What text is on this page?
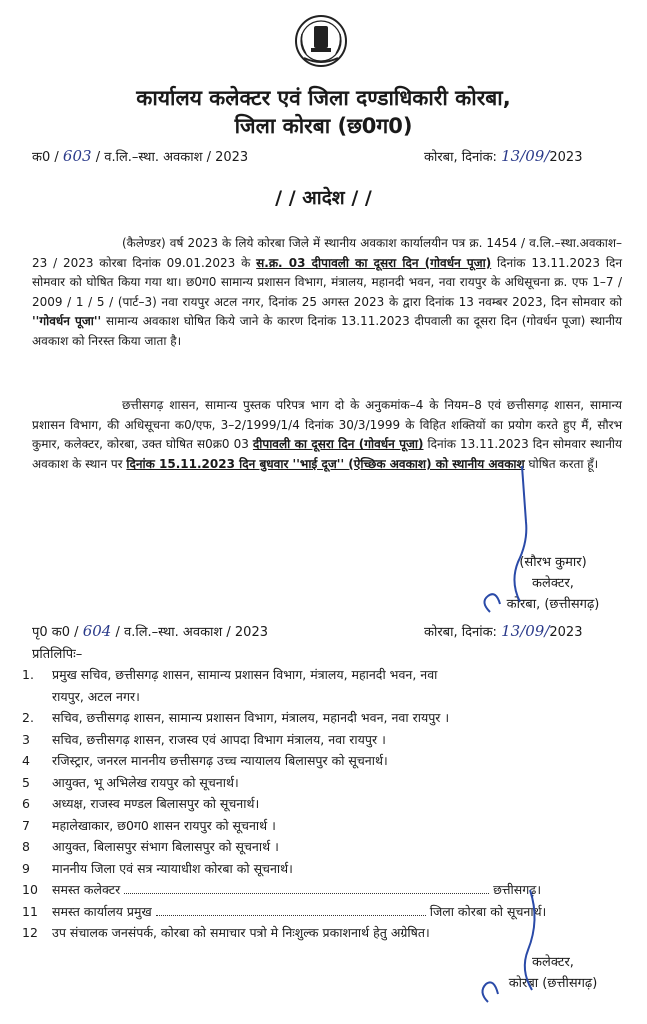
कार्यालय कलेक्टर एवं जिला दण्डाधिकारी कोरबा,
जिला कोरबा (छ0ग0)
क0 / 603 / व.लि.–स्था. अवकाश / 2023	कोरबा, दिनांक: 13/09/2023
/ / आदेश / /

(कैलेण्डर) वर्ष 2023 के लिये कोरबा जिले में स्थानीय अवकाश कार्यालयीन पत्र क्र. 1454 / व.लि.–स्था.अवकाश–23 / 2023 कोरबा दिनांक 09.01.2023 के स.क्र. 03 दीपावली का दूसरा दिन (गोवर्धन पूजा) दिनांक 13.11.2023 दिन सोमवार को घोषित किया गया था। छ0ग0 सामान्य प्रशासन विभाग, मंत्रालय, महानदी भवन, नवा रायपुर के अधिसूचना क्र. एफ 1–7 / 2009 / 1 / 5 / (पार्ट–3) नवा रायपुर अटल नगर, दिनांक 25 अगस्त 2023 के द्वारा दिनांक 13 नवम्बर 2023, दिन सोमवार को ''गोवर्धन पूजा'' सामान्य अवकाश घोषित किये जाने के कारण दिनांक 13.11.2023 दीपवाली का दूसरा दिन (गोवर्धन पूजा) स्थानीय अवकाश को निरस्त किया जाता है।

छत्तीसगढ़ शासन, सामान्य पुस्तक परिपत्र भाग दो के अनुकमांक–4 के नियम–8 एवं छत्तीसगढ़ शासन, सामान्य प्रशासन विभाग, की अधिसूचना क0/एफ, 3–2/1999/1/4 दिनांक 30/3/1999 के विहित शक्तियों का प्रयोग करते हुए मैं, सौरभ कुमार, कलेक्टर, कोरबा, उक्त घोषित स0क्र0 03 दीपावली का दूसरा दिन (गोवर्धन पूजा) दिनांक 13.11.2023 दिन सोमवार स्थानीय अवकाश के स्थान पर दिनांक 15.11.2023 दिन बुधवार ''भाई दूज'' (ऐच्छिक अवकाश) को स्थानीय अवकाश घोषित करता हूँ।

(सौरभ कुमार)
कलेक्टर,
कोरबा, (छत्तीसगढ़)
पृ0 क0 / 604 / व.लि.–स्था. अवकाश / 2023	कोरबा, दिनांक: 13/09/2023
प्रतिलिपिः–
1.	प्रमुख सचिव, छत्तीसगढ़ शासन, सामान्य प्रशासन विभाग, मंत्रालय, महानदी भवन, नवा
रायपुर, अटल नगर।
2.	सचिव, छत्तीसगढ़ शासन, सामान्य प्रशासन विभाग, मंत्रालय, महानदी भवन, नवा रायपुर ।
3	सचिव, छत्तीसगढ़ शासन, राजस्व एवं आपदा विभाग मंत्रालय, नवा रायपुर ।
4	रजिस्ट्रार, जनरल माननीय छत्तीसगढ़ उच्च न्यायालय बिलासपुर को सूचनार्थ।
5	आयुक्त, भू अभिलेख रायपुर को सूचनार्थ।
6	अध्यक्ष, राजस्व मण्डल बिलासपुर को सूचनार्थ।
7	महालेखाकार, छ0ग0 शासन रायपुर को सूचनार्थ ।
8	आयुक्त, बिलासपुर संभाग बिलासपुर को सूचनार्थ ।
9	माननीय जिला एवं सत्र न्यायाधीश कोरबा को सूचनार्थ।
10	समस्त कलेक्टर	छत्तीसगढ़।
11	समस्त कार्यालय प्रमुख	जिला कोरबा को सूचनार्थ।
12	उप संचालक जनसंपर्क, कोरबा को समाचार पत्रो मे निःशुल्क प्रकाशनार्थ हेतु अग्रेषित।
कलेक्टर,
कोरबा (छत्तीसगढ़)
